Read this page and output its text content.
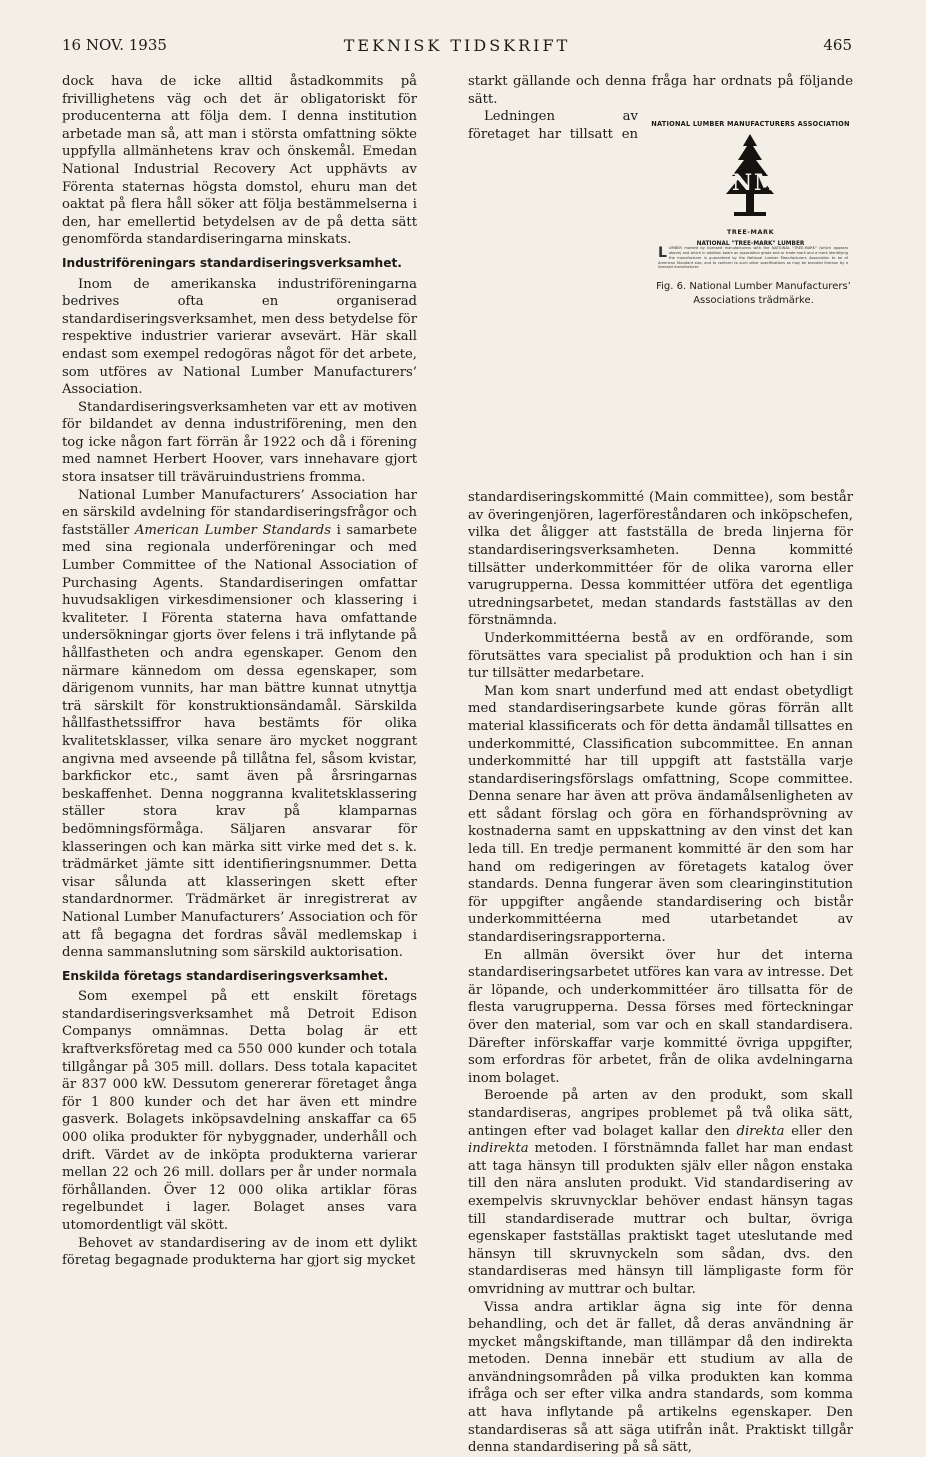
16 NOV. 1935	TEKNISK TIDSKRIFT	465

dock hava de icke alltid åstadkommits på frivillighetens väg och det är obligatoriskt för producenterna att följa dem. I denna institution arbetade man så, att man i största omfattning sökte uppfylla allmänhetens krav och önskemål. Emedan National Industrial Recovery Act upphävts av Förenta staternas högsta domstol, ehuru man det oaktat på flera håll söker att följa bestämmelserna i den, har emellertid betydelsen av de på detta sätt genomförda standardiseringarna minskats.

Industriföreningars standardiseringsverksamhet.

Inom de amerikanska industriföreningarna bedrives ofta en organiserad standardiseringsverksamhet, men dess betydelse för respektive industrier varierar avsevärt. Här skall endast som exempel redogöras något för det arbete, som utföres av National Lumber Manufacturers’ Association.

Standardiseringsverksamheten var ett av motiven för bildandet av denna industriförening, men den tog icke någon fart förrän år 1922 och då i förening med namnet Herbert Hoover, vars innehavare gjort stora insatser till träväruindustriens fromma.

National Lumber Manufacturers’ Association har en särskild avdelning för standardiseringsfrågor och fastställer American Lumber Standards i samarbete med sina regionala underföreningar och med Lumber Committee of the National Association of Purchasing Agents. Standardiseringen omfattar huvudsakligen virkesdimensioner och klassering i kvaliteter. I Förenta staterna hava omfattande undersökningar gjorts över felens i trä inflytande på hållfastheten och andra egenskaper. Genom den närmare kännedom om dessa egenskaper, som därigenom vunnits, har man bättre kunnat utnyttja trä särskilt för konstruktionsändamål. Särskilda hållfasthetssiffror hava bestämts för olika kvalitetsklasser, vilka senare äro mycket noggrant angivna med avseende på tillåtna fel, såsom kvistar, barkfickor etc., samt även på årsringarnas beskaffenhet. Denna noggranna kvalitetsklassering ställer stora krav på klamparnas bedömningsförmåga. Säljaren ansvarar för klasseringen och kan märka sitt virke med det s. k. trädmärket jämte sitt identifieringsnummer. Detta visar sålunda att klasseringen skett efter standardnormer. Trädmärket är inregistrerat av National Lumber Manufacturers’ Association och för att få begagna det fordras såväl medlemskap i denna sammanslutning som särskild auktorisation.

Enskilda företags standardiseringsverksamhet.

Som exempel på ett enskilt företags standardiseringsverksamhet må Detroit Edison Companys omnämnas. Detta bolag är ett kraftverksföretag med ca 550 000 kunder och totala tillgångar på 305 mill. dollars. Dess totala kapacitet är 837 000 kW. Dessutom genererar företaget ånga för 1 800 kunder och det har även ett mindre gasverk. Bolagets inköpsavdelning anskaffar ca 65 000 olika produkter för nybyggnader, underhåll och drift. Värdet av de inköpta produkterna varierar mellan 22 och 26 mill. dollars per år under normala förhållanden. Över 12 000 olika artiklar föras regelbundet i lager. Bolaget anses vara utomordentligt väl skött.

Behovet av standardisering av de inom ett dylikt företag begagnade produkterna har gjort sig mycket

starkt gällande och denna fråga har ordnats på följande sätt.

NATIONAL LUMBER MANUFACTURERS ASSOCIATION
N M
TREE-MARK
NATIONAL "TREE-MARK" LUMBER
LUMBER marked by licensed manufacturers with the NATIONAL "TREE-MARK" (which appears above) and which in addition bears an association grade and or trade mark and a mark identifying the manufacturer is guaranteed by the National Lumber Manufacturers Association to be of American Standard size, and to conform to such other specifications as may be branded thereon by a licensed manufacturer.
Fig. 6. National Lumber Manufacturers’ Associations trädmärke.

Ledningen av företaget har tillsatt en standardiseringskommitté (Main committee), som består av överingenjören, lagerföreståndaren och inköpschefen, vilka det åligger att fastställa de breda linjerna för standardiseringsverksamheten. Denna kommitté tillsätter underkommittéer för de olika varorna eller varugrupperna. Dessa kommittéer utföra det egentliga utredningsarbetet, medan standards fastställas av den förstnämnda.

Underkommittéerna bestå av en ordförande, som förutsättes vara specialist på produktion och han i sin tur tillsätter medarbetare.

Man kom snart underfund med att endast obetydligt med standardiseringsarbete kunde göras förrän allt material klassificerats och för detta ändamål tillsattes en underkommitté, Classification subcommittee. En annan underkommitté har till uppgift att fastställa varje standardiseringsförslags omfattning, Scope committee. Denna senare har även att pröva ändamålsenligheten av ett sådant förslag och göra en förhandsprövning av kostnaderna samt en uppskattning av den vinst det kan leda till. En tredje permanent kommitté är den som har hand om redigeringen av företagets katalog över standards. Denna fungerar även som clearinginstitution för uppgifter angående standardisering och bistår underkommittéerna med utarbetandet av standardiseringsrapporterna.

En allmän översikt över hur det interna standardiseringsarbetet utföres kan vara av intresse. Det är löpande, och underkommittéer äro tillsatta för de flesta varugrupperna. Dessa förses med förteckningar över den material, som var och en skall standardisera. Därefter införskaffar varje kommitté övriga uppgifter, som erfordras för arbetet, från de olika avdelningarna inom bolaget.

Beroende på arten av den produkt, som skall standardiseras, angripes problemet på två olika sätt, antingen efter vad bolaget kallar den direkta eller den indirekta metoden. I förstnämnda fallet har man endast att taga hänsyn till produkten själv eller någon enstaka till den nära ansluten produkt. Vid standardisering av exempelvis skruvnycklar behöver endast hänsyn tagas till standardiserade muttrar och bultar, övriga egenskaper fastställas praktiskt taget uteslutande med hänsyn till skruvnyckeln som sådan, dvs. den standardiseras med hänsyn till lämpligaste form för omvridning av muttrar och bultar.

Vissa andra artiklar ägna sig inte för denna behandling, och det är fallet, då deras användning är mycket mångskiftande, man tillämpar då den indirekta metoden. Denna innebär ett studium av alla de användningsområden på vilka produkten kan komma ifråga och ser efter vilka andra standards, som komma att hava inflytande på artikelns egenskaper. Den standardiseras så att säga utifrån inåt. Praktiskt tillgår denna standardisering på så sätt,
